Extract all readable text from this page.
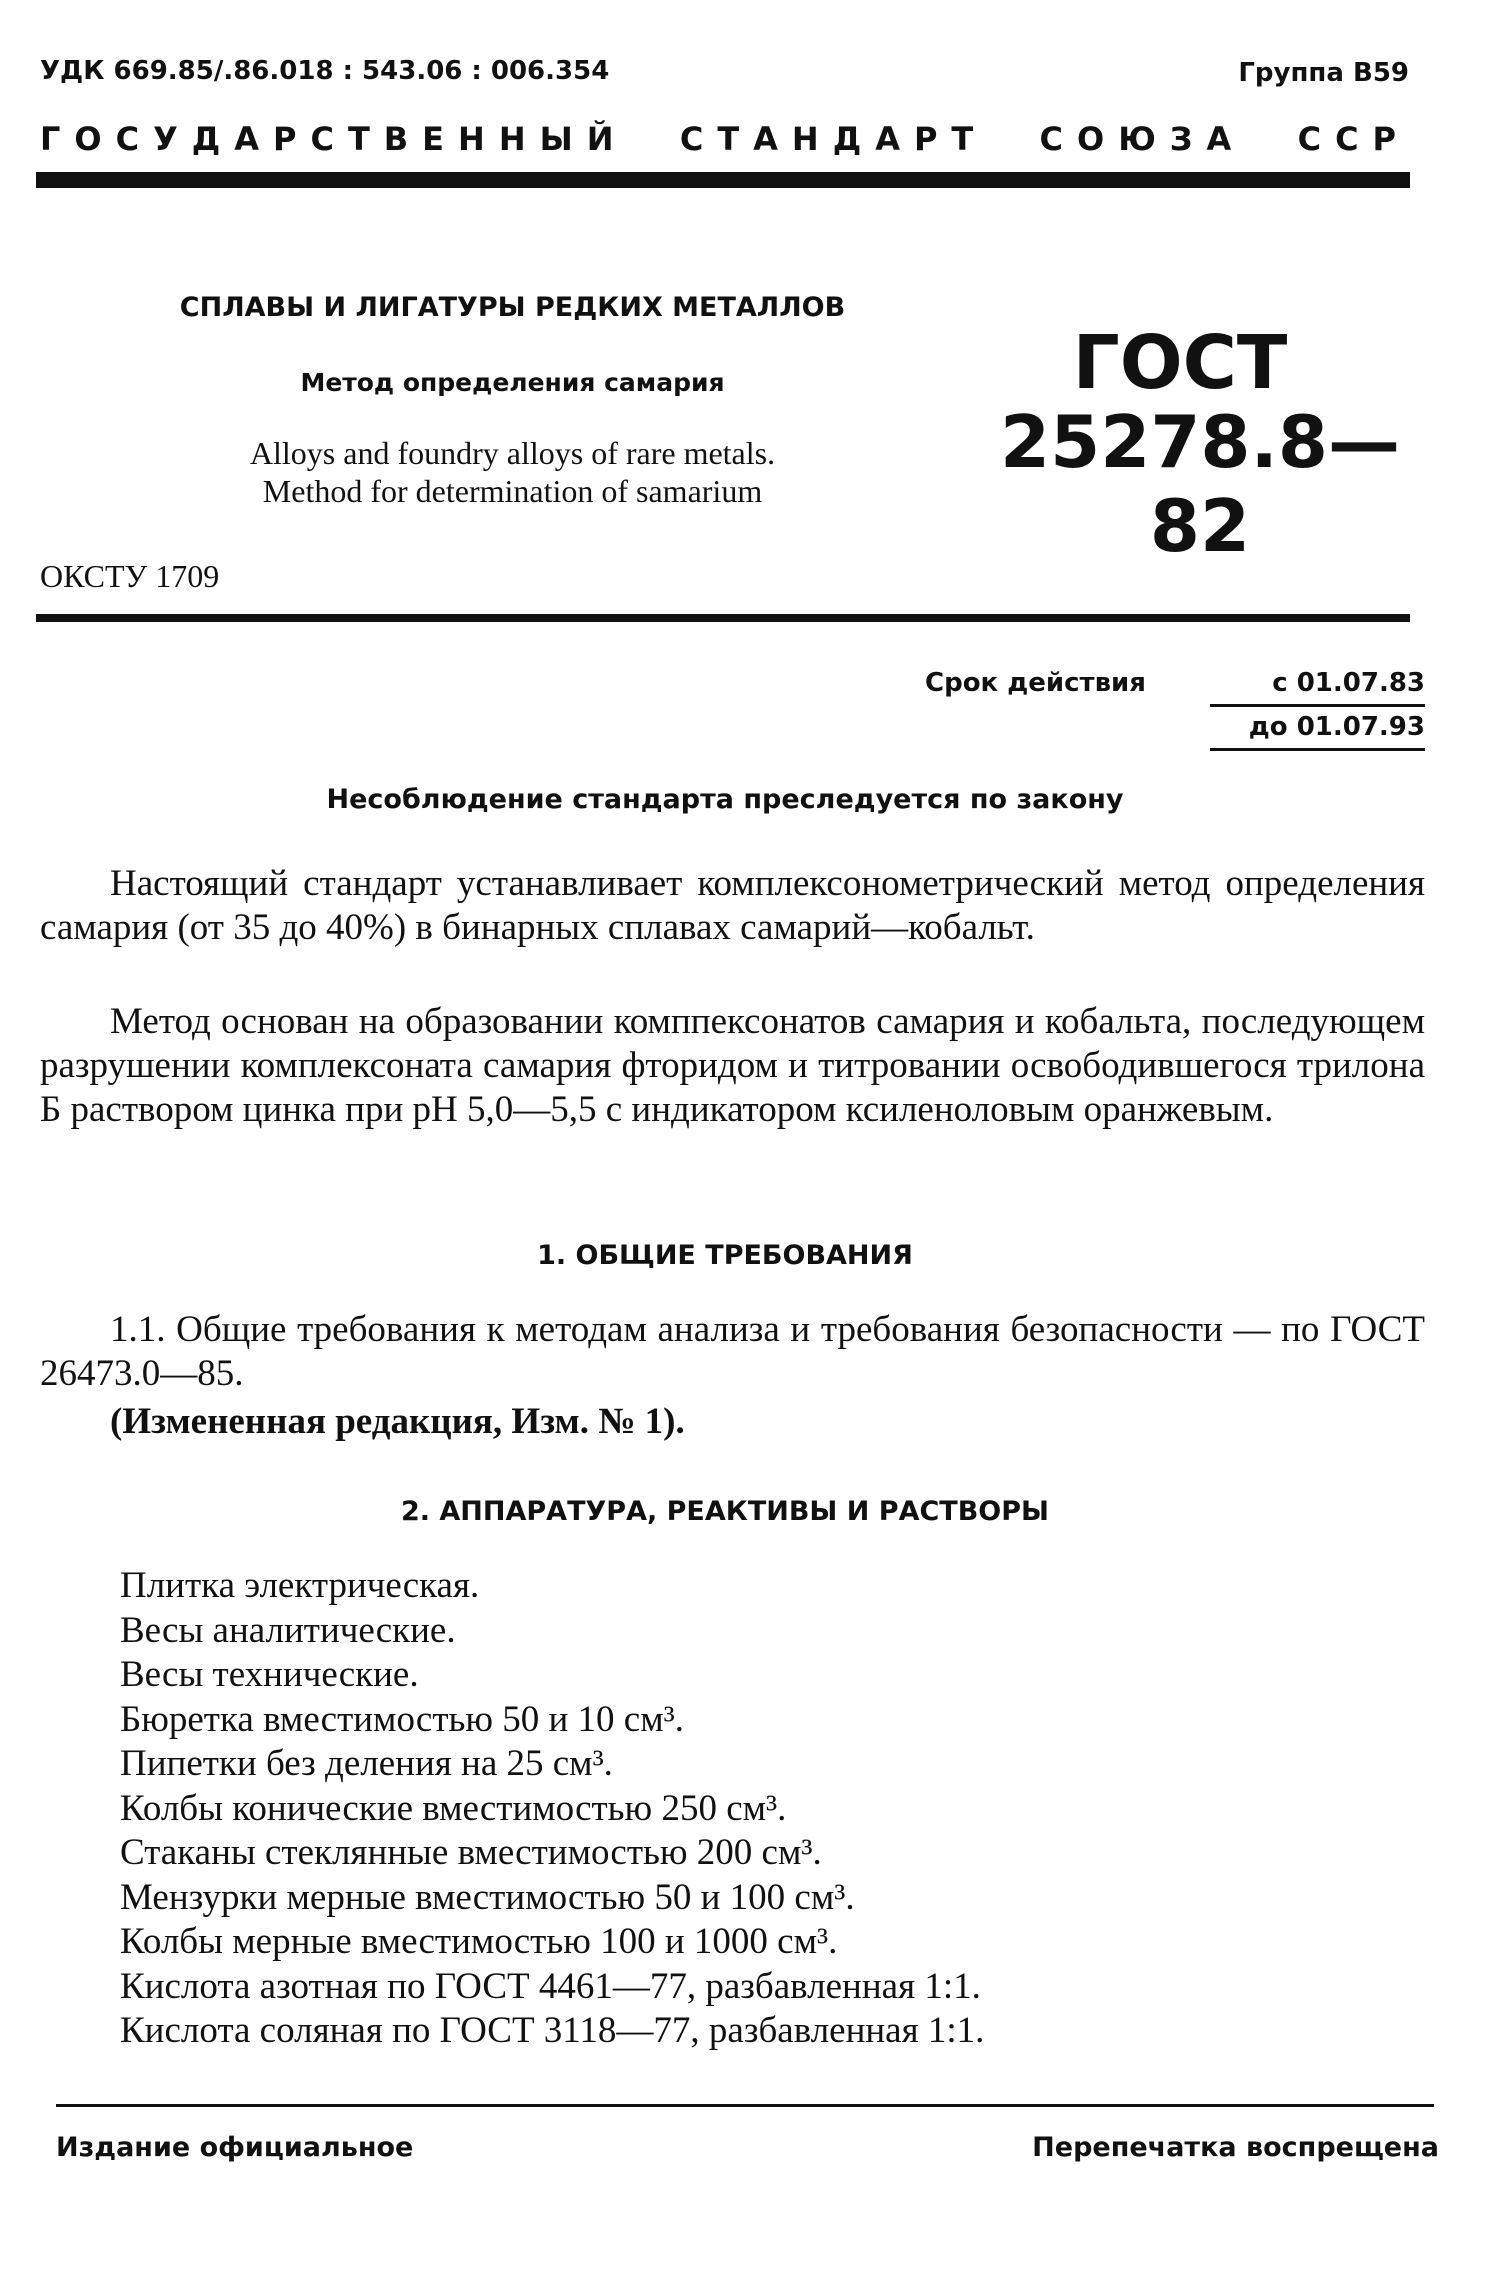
УДК 669.85/.86.018 : 543.06 : 006.354	Группа В59
ГОСУДАРСТВЕННЫЙ СТАНДАРТ СОЮЗА ССР
СПЛАВЫ И ЛИГАТУРЫ РЕДКИХ МЕТАЛЛОВ
Метод определения самария
Alloys and foundry alloys of rare metals.
Method for determination of samarium
ГОСТ
25278.8—82
ОКСТУ 1709
Срок действия	с 01.07.83
до 01.07.93
Несоблюдение стандарта преследуется по закону

Настоящий стандарт устанавливает комплексонометрический метод определения самария (от 35 до 40%) в бинарных сплавах самарий—кобальт.

Метод основан на образовании комппексонатов самария и кобальта, последующем разрушении комплексоната самария фторидом и титровании освободившегося трилона Б раствором цинка при рН 5,0—5,5 с индикатором ксиленоловым оранжевым.

1. ОБЩИЕ ТРЕБОВАНИЯ

1.1. Общие требования к методам анализа и требования безопасности — по ГОСТ 26473.0—85.

(Измененная редакция, Изм. № 1).
2. АППАРАТУРА, РЕАКТИВЫ И РАСТВОРЫ
Плитка электрическая.
Весы аналитические.
Весы технические.
Бюретка вместимостью 50 и 10 см³.
Пипетки без деления на 25 см³.
Колбы конические вместимостью 250 см³.
Стаканы стеклянные вместимостью 200 см³.
Мензурки мерные вместимостью 50 и 100 см³.
Колбы мерные вместимостью 100 и 1000 см³.
Кислота азотная по ГОСТ 4461—77, разбавленная 1:1.
Кислота соляная по ГОСТ 3118—77, разбавленная 1:1.
Издание официальное	Перепечатка воспрещена
